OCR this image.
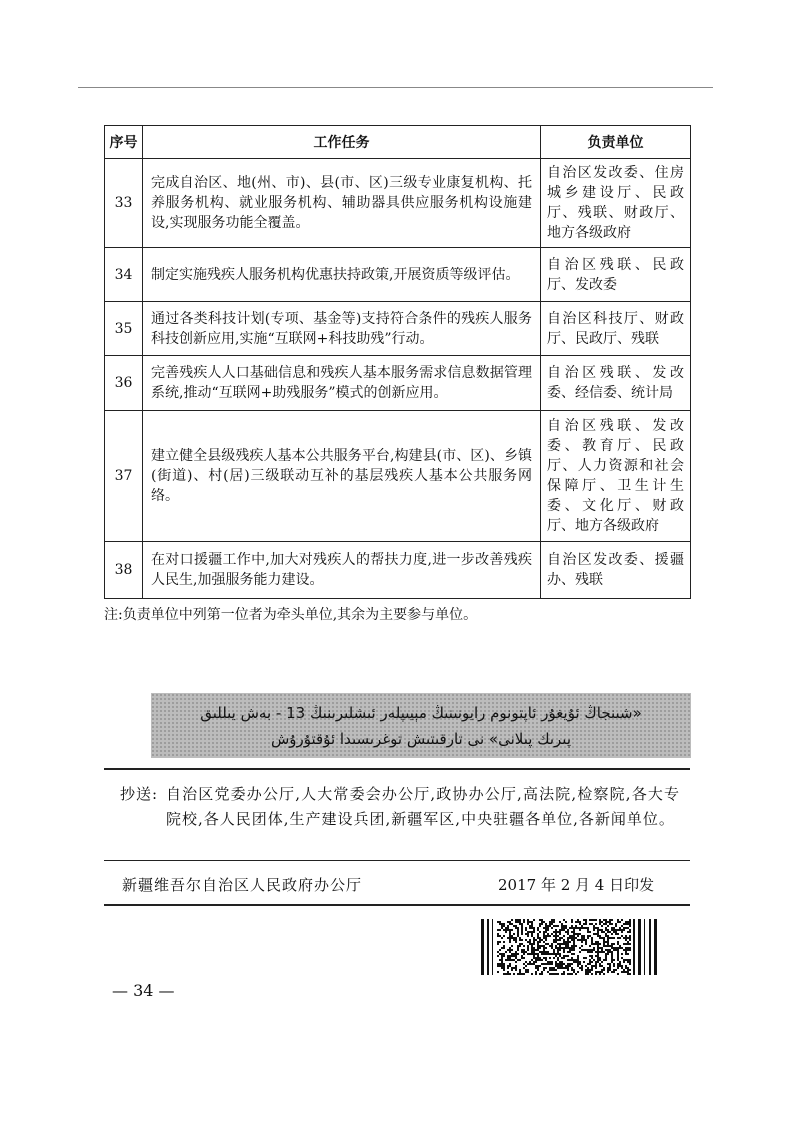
序号	工作任务	负责单位
33	完成自治区、地(州、市)、县(市、区)三级专业康复机构、托养服务机构、就业服务机构、辅助器具供应服务机构设施建设,实现服务功能全覆盖。	自治区发改委、住房城乡建设厅、民政厅、残联、财政厅、地方各级政府
34	制定实施残疾人服务机构优惠扶持政策,开展资质等级评估。	自治区残联、民政厅、发改委
35	通过各类科技计划(专项、基金等)支持符合条件的残疾人服务科技创新应用,实施“互联网+科技助残”行动。	自治区科技厅、财政厅、民政厅、残联
36	完善残疾人人口基础信息和残疾人基本服务需求信息数据管理系统,推动“互联网+助残服务”模式的创新应用。	自治区残联、发改委、经信委、统计局
37	建立健全县级残疾人基本公共服务平台,构建县(市、区)、乡镇(街道)、村(居)三级联动互补的基层残疾人基本公共服务网络。	自治区残联、发改委、教育厅、民政厅、人力资源和社会保障厅、卫生计生委、文化厅、财政厅、地方各级政府
38	在对口援疆工作中,加大对残疾人的帮扶力度,进一步改善残疾人民生,加强服务能力建设。	自治区发改委、援疆办、残联
注:负责单位中列第一位者为牵头单位,其余为主要参与单位。
«شىنجاڭ ئۇيغۇر ئاپتونوم رايونىنىڭ مېيىپلەر ئىشلىرىنىڭ 13 - بەش يىللىق
پىرىك پىلانى» نى تارقىتىش توغرىسىدا ئۇقتۇرۇش
抄送: 自治区党委办公厅,人大常委会办公厅,政协办公厅,高法院,检察院,各大专院校,各人民团体,生产建设兵团,新疆军区,中央驻疆各单位,各新闻单位。
新疆维吾尔自治区人民政府办公厅	2017 年 2 月 4 日印发
— 34 —
